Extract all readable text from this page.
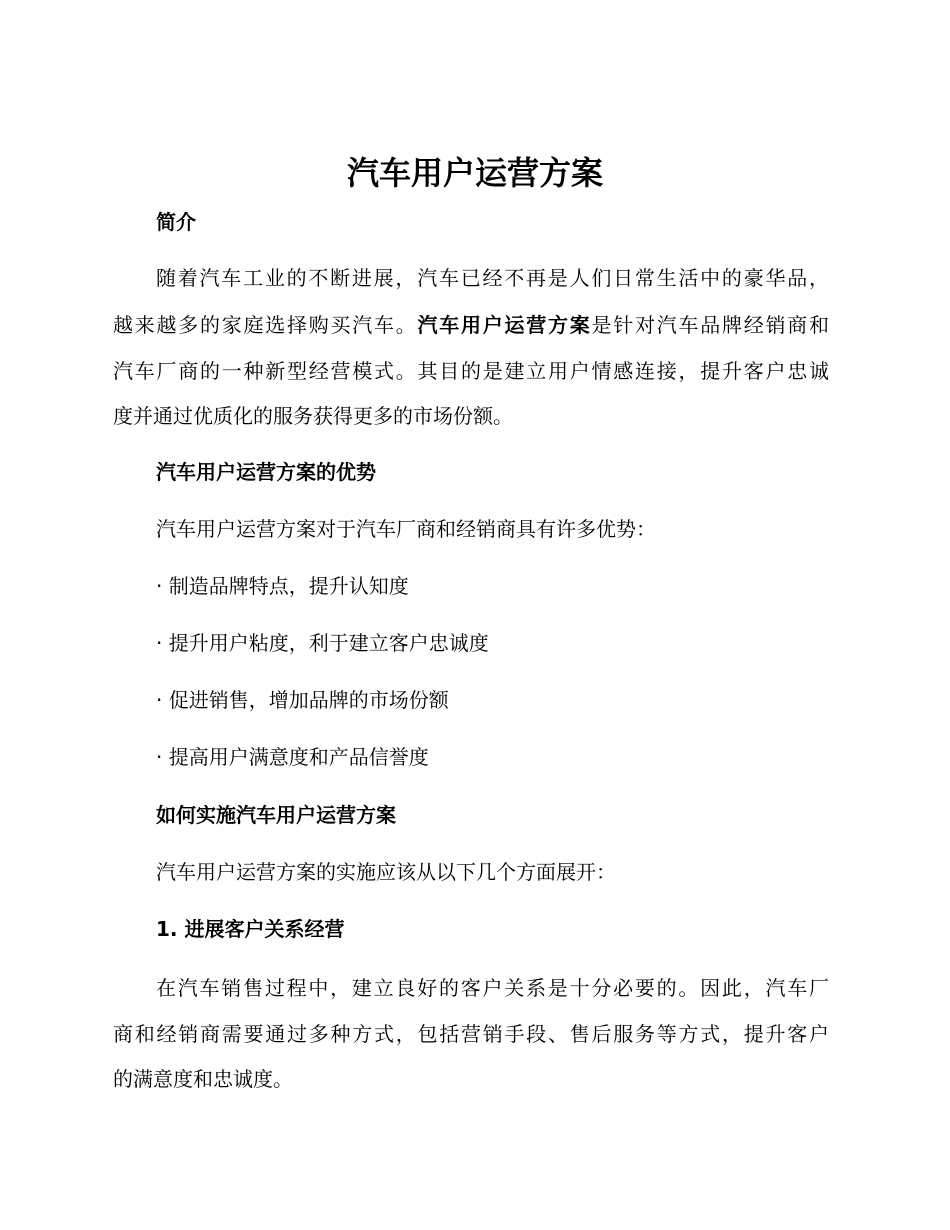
汽车用户运营方案
简介

随着汽车工业的不断进展，汽车已经不再是人们日常生活中的豪华品，

越来越多的家庭选择购买汽车。汽车用户运营方案是针对汽车品牌经销商和

汽车厂商的一种新型经营模式。其目的是建立用户情感连接，提升客户忠诚

度并通过优质化的服务获得更多的市场份额。

汽车用户运营方案的优势

汽车用户运营方案对于汽车厂商和经销商具有许多优势：

· 制造品牌特点，提升认知度

· 提升用户粘度，利于建立客户忠诚度

· 促进销售，增加品牌的市场份额

· 提高用户满意度和产品信誉度

如何实施汽车用户运营方案

汽车用户运营方案的实施应该从以下几个方面展开：

1. 进展客户关系经营

在汽车销售过程中，建立良好的客户关系是十分必要的。因此，汽车厂

商和经销商需要通过多种方式，包括营销手段、售后服务等方式，提升客户

的满意度和忠诚度。
